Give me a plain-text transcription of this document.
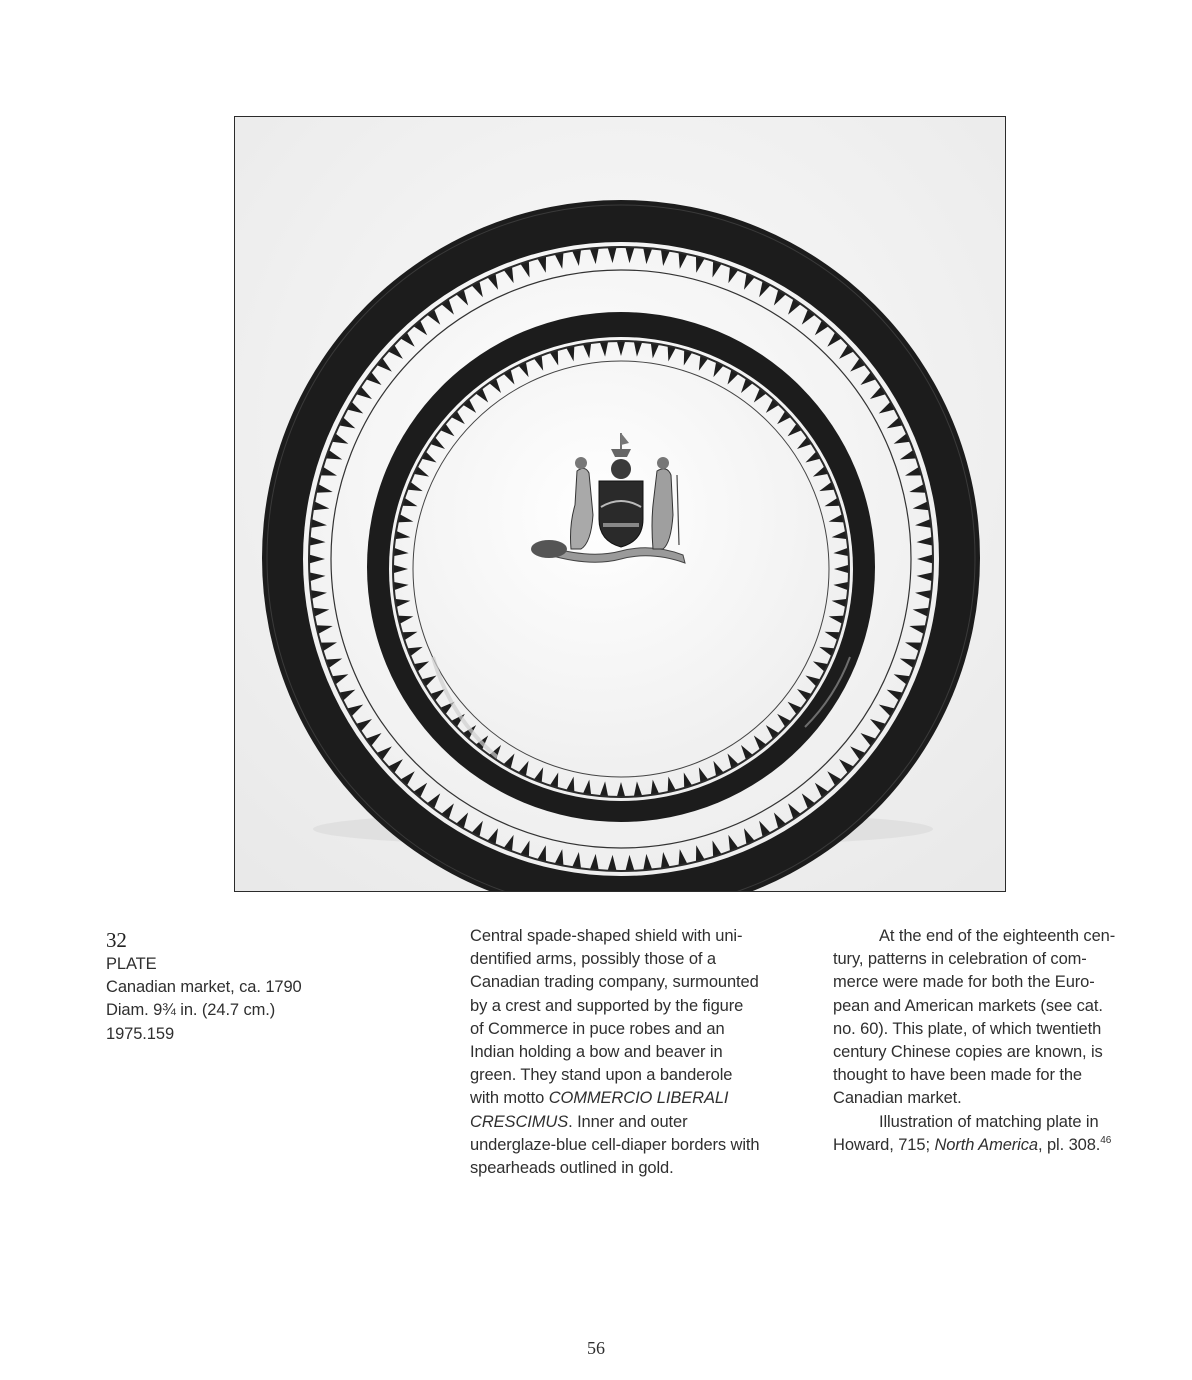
32
PLATE
Canadian market, ca. 1790
Diam. 9¾ in. (24.7 cm.)
1975.159
Central spade-shaped shield with uni-
dentified arms, possibly those of a
Canadian trading company, surmounted
by a crest and supported by the figure
of Commerce in puce robes and an
Indian holding a bow and beaver in
green. They stand upon a banderole
with motto COMMERCIO LIBERALI
CRESCIMUS. Inner and outer
underglaze-blue cell-diaper borders with
spearheads outlined in gold.
At the end of the eighteenth cen-
tury, patterns in celebration of com-
merce were made for both the Euro-
pean and American markets (see cat.
no. 60). This plate, of which twentieth
century Chinese copies are known, is
thought to have been made for the
Canadian market.
Illustration of matching plate in
Howard, 715; North America, pl. 308.46
56
